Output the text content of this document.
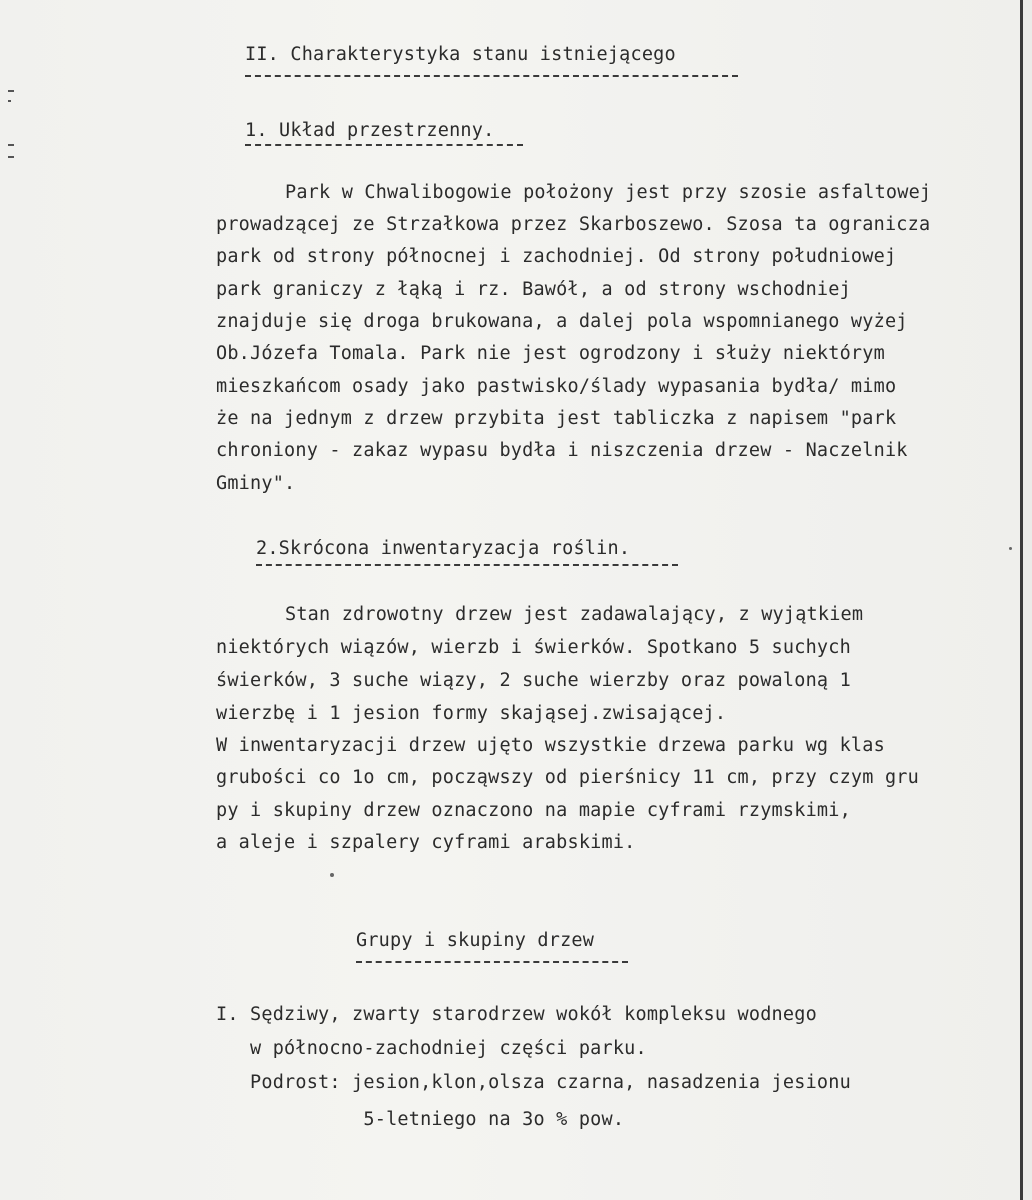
II. Charakterystyka stanu istniejącego
1. Układ przestrzenny.
Park w Chwalibogowie położony jest przy szosie asfaltowej
prowadzącej ze Strzałkowa przez Skarboszewo. Szosa ta ogranicza
park od strony północnej i zachodniej. Od strony południowej
park graniczy z łąką i rz. Bawół, a od strony wschodniej
znajduje się droga brukowana, a dalej pola wspomnianego wyżej
Ob.Józefa Tomala. Park nie jest ogrodzony i służy niektórym
mieszkańcom osady jako pastwisko/ślady wypasania bydła/ mimo
że na jednym z drzew przybita jest tabliczka z napisem "park
chroniony - zakaz wypasu bydła i niszczenia drzew - Naczelnik
Gminy".
2.Skrócona inwentaryzacja roślin.
Stan zdrowotny drzew jest zadawalający, z wyjątkiem
niektórych wiązów, wierzb i świerków. Spotkano 5 suchych
świerków, 3 suche wiązy, 2 suche wierzby oraz powaloną 1
wierzbę i 1 jesion formy skająsej.zwisającej.
W inwentaryzacji drzew ujęto wszystkie drzewa parku wg klas
grubości co 1o cm, począwszy od pierśnicy 11 cm, przy czym gru
py i skupiny drzew oznaczono na mapie cyframi rzymskimi,
a aleje i szpalery cyframi arabskimi.
Grupy i skupiny drzew
I. Sędziwy, zwarty starodrzew wokół kompleksu wodnego
w północno-zachodniej części parku.
Podrost: jesion,klon,olsza czarna, nasadzenia jesionu
5-letniego na 3o % pow.
